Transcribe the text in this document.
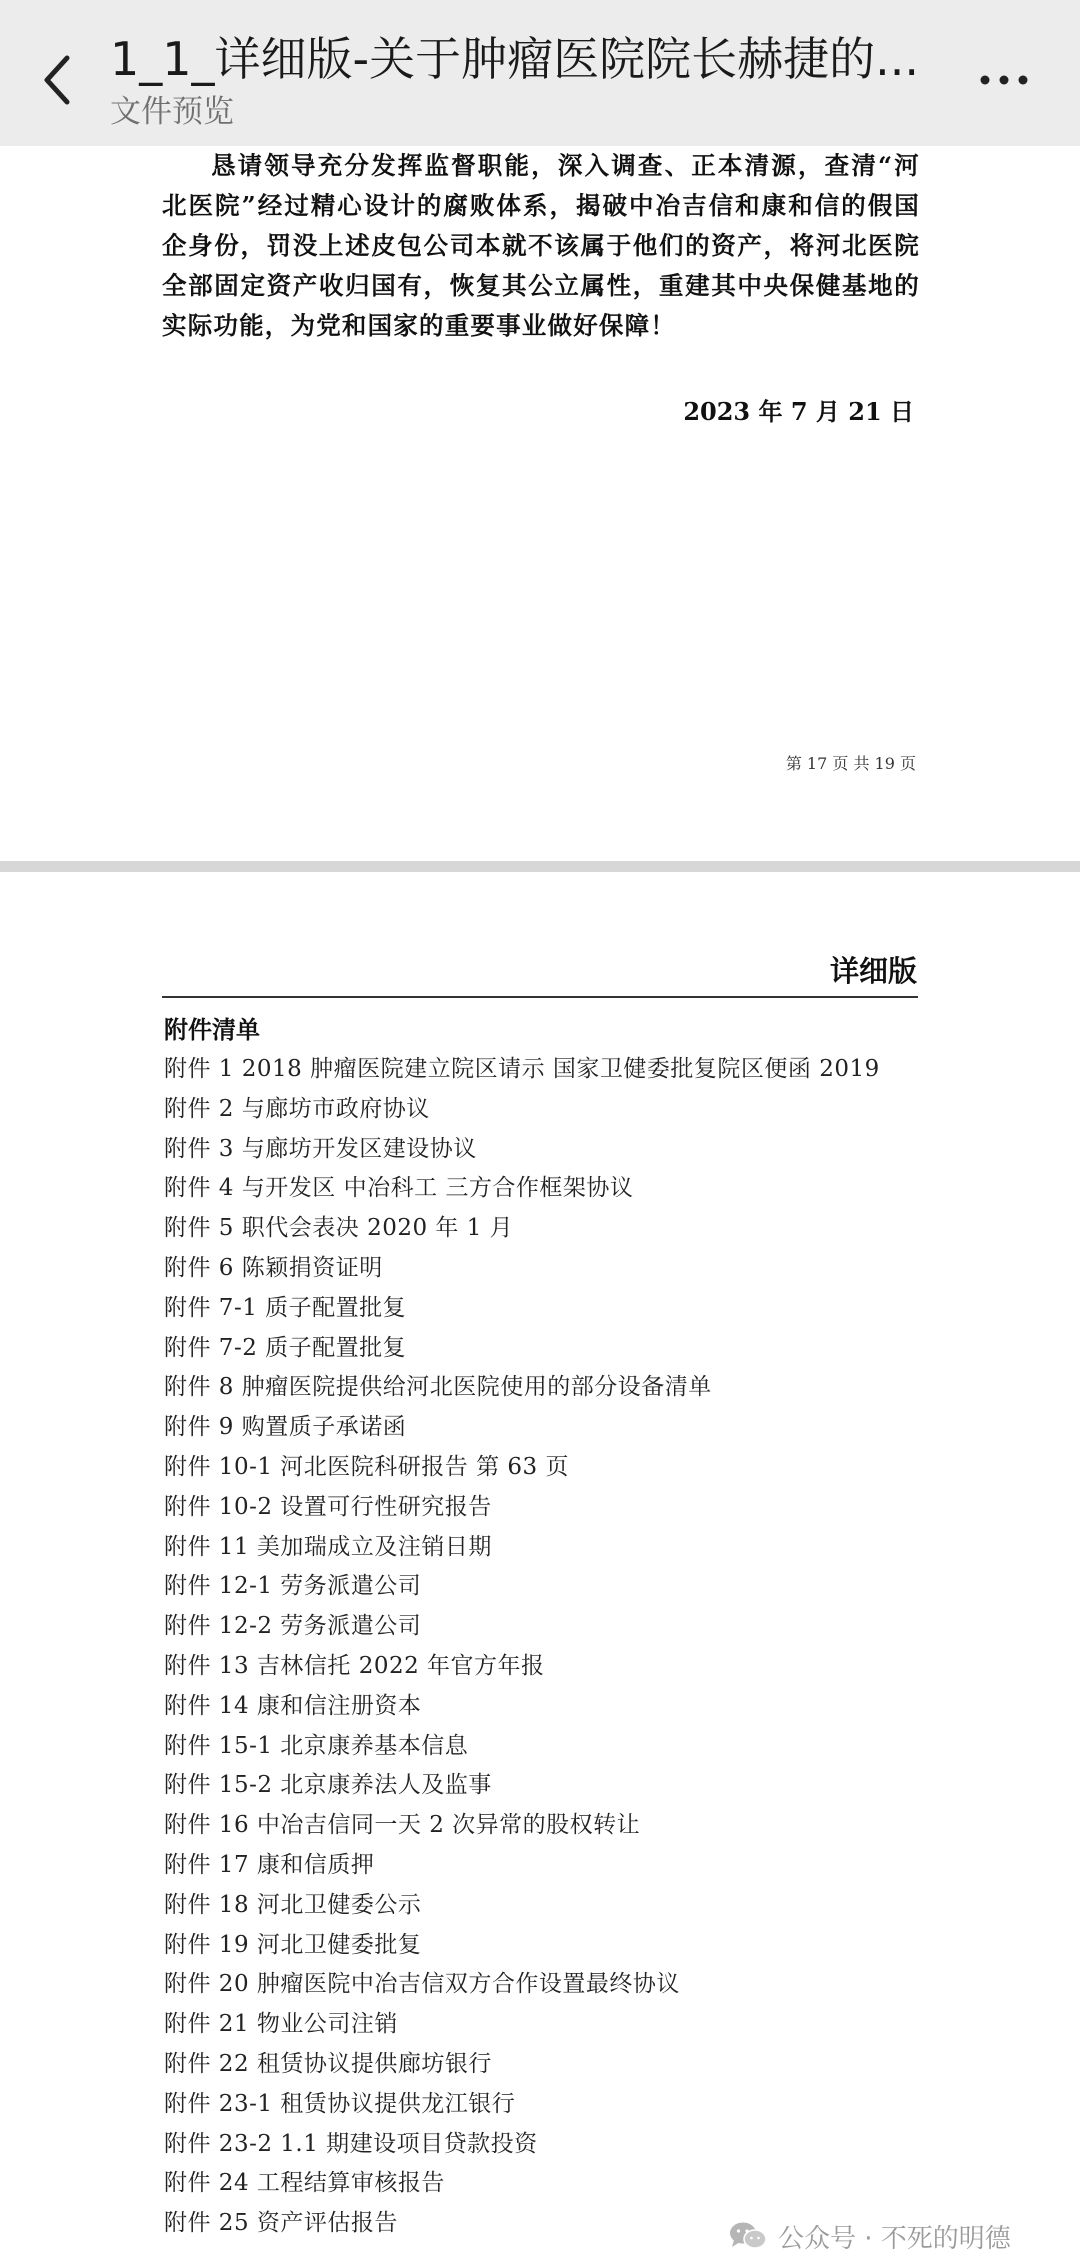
1_1_详细版-关于肿瘤医院院长赫捷的...
文件预览

恳请领导充分发挥监督职能，深入调查、正本清源，查清“河北医院”经过精心设计的腐败体系，揭破中冶吉信和康和信的假国企身份，罚没上述皮包公司本就不该属于他们的资产，将河北医院全部固定资产收归国有，恢复其公立属性，重建其中央保健基地的实际功能，为党和国家的重要事业做好保障！

2023 年 7 月 21 日
第 17 页 共 19 页
详细版
附件清单
附件 1 2018 肿瘤医院建立院区请示 国家卫健委批复院区便函 2019
附件 2 与廊坊市政府协议
附件 3 与廊坊开发区建设协议
附件 4 与开发区 中冶科工 三方合作框架协议
附件 5 职代会表决 2020 年 1 月
附件 6 陈颖捐资证明
附件 7-1 质子配置批复
附件 7-2 质子配置批复
附件 8 肿瘤医院提供给河北医院使用的部分设备清单
附件 9 购置质子承诺函
附件 10-1 河北医院科研报告 第 63 页
附件 10-2 设置可行性研究报告
附件 11 美加瑞成立及注销日期
附件 12-1 劳务派遣公司
附件 12-2 劳务派遣公司
附件 13 吉林信托 2022 年官方年报
附件 14 康和信注册资本
附件 15-1 北京康养基本信息
附件 15-2 北京康养法人及监事
附件 16 中冶吉信同一天 2 次异常的股权转让
附件 17 康和信质押
附件 18 河北卫健委公示
附件 19 河北卫健委批复
附件 20 肿瘤医院中冶吉信双方合作设置最终协议
附件 21 物业公司注销
附件 22 租赁协议提供廊坊银行
附件 23-1 租赁协议提供龙江银行
附件 23-2 1.1 期建设项目贷款投资
附件 24 工程结算审核报告
附件 25 资产评估报告
公众号 · 不死的明德
